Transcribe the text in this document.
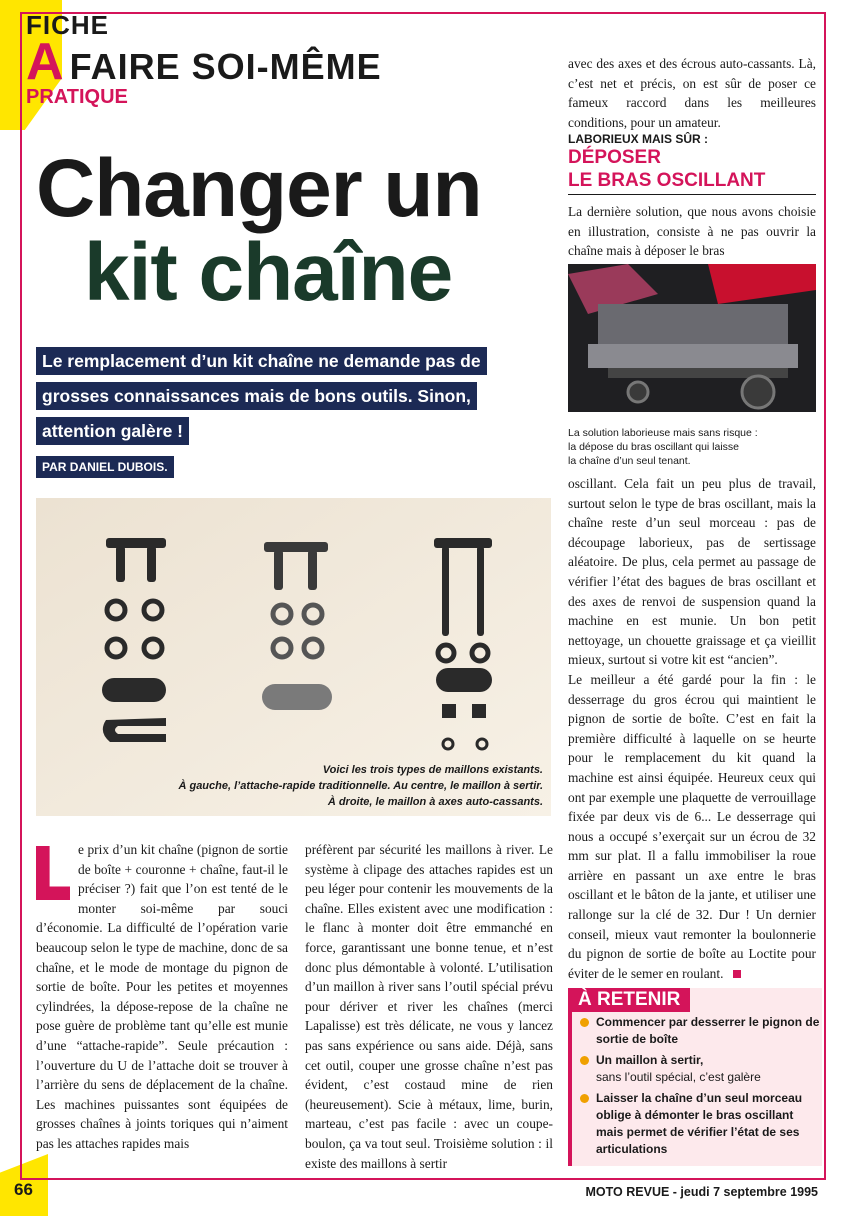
FICHE
A FAIRE SOI-MÊME
PRATIQUE
Changer un
kit chaîne
Le remplacement d’un kit chaîne ne demande pas de grosses connaissances mais de bons outils. Sinon, attention galère !
PAR DANIEL DUBOIS.
Voici les trois types de maillons existants.
À gauche, l’attache-rapide traditionnelle. Au centre, le maillon à sertir.
À droite, le maillon à axes auto-cassants.

e prix d’un kit chaîne (pignon de sortie de boîte + couronne + chaîne, faut-il le préciser ?) fait que l’on est tenté de le monter soi-même par souci d’économie. La difficulté de l’opération varie beaucoup selon le type de machine, donc de sa chaîne, et le mode de montage du pignon de sortie de boîte. Pour les petites et moyennes cylindrées, la dépose-repose de la chaîne ne pose guère de problème tant qu’elle est munie d’une “attache-rapide”. Seule précaution : l’ouverture du U de l’attache doit se trouver à l’arrière du sens de déplacement de la chaîne. Les machines puissantes sont équipées de grosses chaînes à joints toriques qui n’aiment pas les attaches rapides mais

préfèrent par sécurité les maillons à river. Le système à clipage des attaches rapides est un peu léger pour contenir les mouvements de la chaîne. Elles existent avec une modification : le flanc à monter doit être emmanché en force, garantissant une bonne tenue, et n’est donc plus démontable à volonté. L’utilisation d’un maillon à river sans l’outil spécial prévu pour dériver et river les chaînes (merci Lapalisse) est très délicate, ne vous y lancez pas sans expérience ou sans aide. Déjà, sans cet outil, couper une grosse chaîne n’est pas évident, c’est costaud mine de rien (heureusement). Scie à métaux, lime, burin, marteau, c’est pas facile : avec un coupe-boulon, ça va tout seul. Troisième solution : il existe des maillons à sertir

avec des axes et des écrous auto-cassants. Là, c’est net et précis, on est sûr de poser ce fameux raccord dans les meilleures conditions, pour un amateur.

LABORIEUX MAIS SÛR :
DÉPOSER
LE BRAS OSCILLANT

La dernière solution, que nous avons choisie en illustration, consiste à ne pas ouvrir la chaîne mais à déposer le bras

La solution laborieuse mais sans risque :
la dépose du bras oscillant qui laisse
la chaîne d’un seul tenant.

oscillant. Cela fait un peu plus de travail, surtout selon le type de bras oscillant, mais la chaîne reste d’un seul morceau : pas de découpage laborieux, pas de sertissage aléatoire. De plus, cela permet au passage de vérifier l’état des bagues de bras oscillant et des axes de renvoi de suspension quand la machine en est munie. Un bon petit nettoyage, un chouette graissage et ça vieillit mieux, surtout si votre kit est “ancien”.

Le meilleur a été gardé pour la fin : le desserrage du gros écrou qui maintient le pignon de sortie de boîte. C’est en fait la première difficulté à laquelle on se heurte pour le remplacement du kit quand la machine est ainsi équipée. Heureux ceux qui ont par exemple une plaquette de verrouillage fixée par deux vis de 6... Le desserrage qui nous a occupé s’exerçait sur un écrou de 32 mm sur plat. Il a fallu immobiliser la roue arrière en passant un axe entre le bras oscillant et le bâton de la jante, et utiliser une rallonge sur la clé de 32. Dur ! Un dernier conseil, mieux vaut remonter la boulonnerie du pignon de sortie de boîte au Loctite pour éviter de le semer en roulant.

À RETENIR
Commencer par desserrer le pignon de sortie de boîte
Un maillon à sertir,
sans l’outil spécial, c’est galère
Laisser la chaîne d’un seul morceau oblige à démonter le bras oscillant mais permet de vérifier l’état de ses articulations
66	MOTO REVUE - jeudi 7 septembre 1995
